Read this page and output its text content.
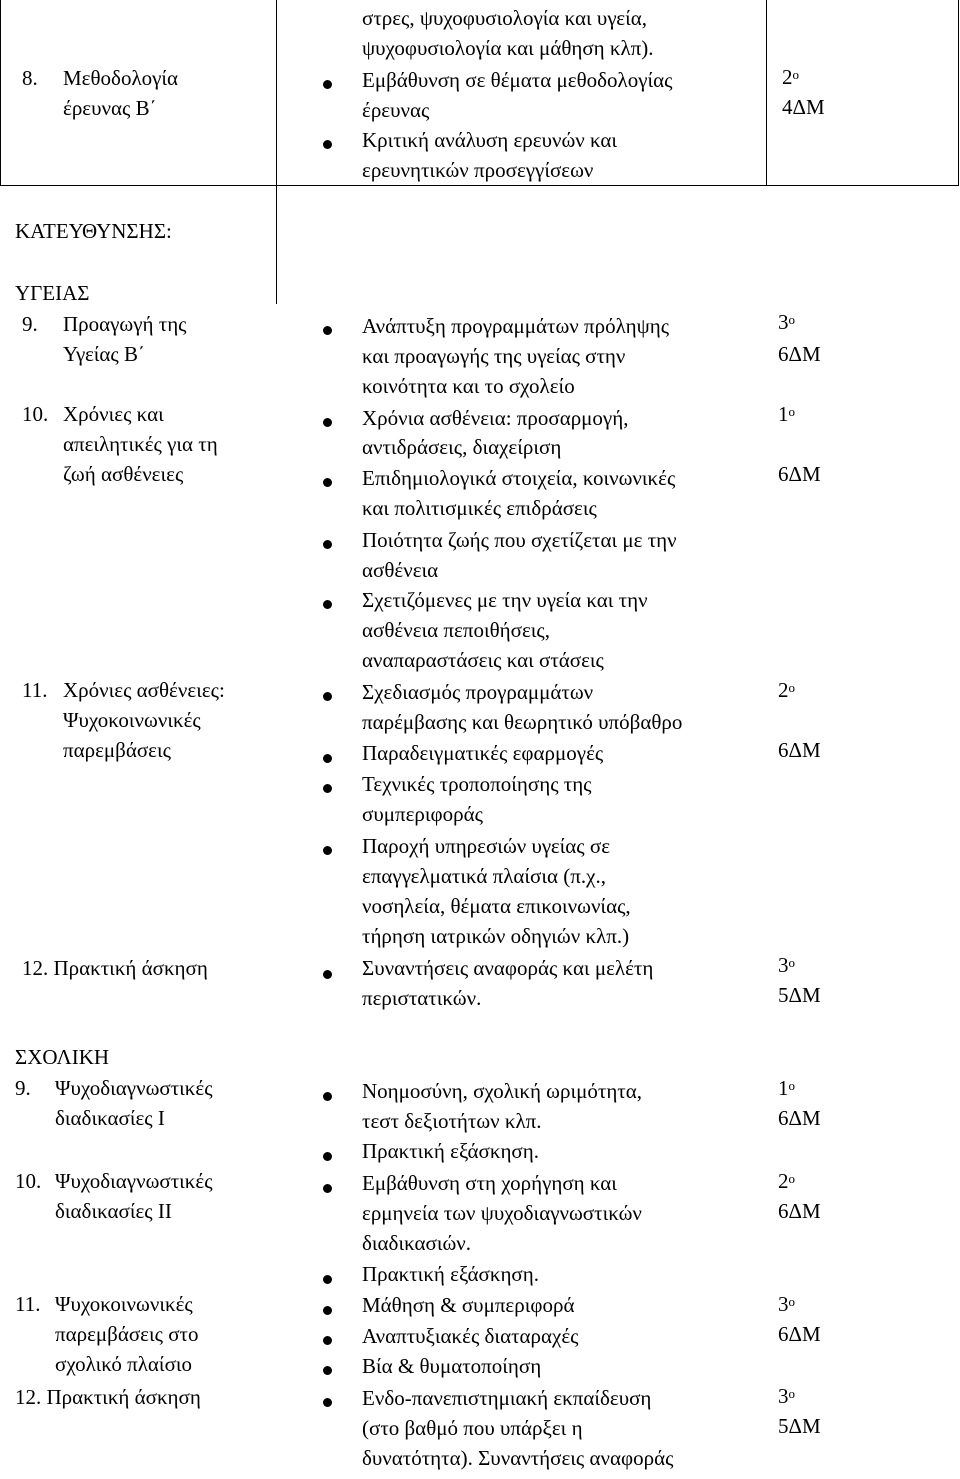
8. Μεθοδολογία
έρευνας Β΄
στρες, ψυχοφυσιολογία και υγεία,
ψυχοφυσιολογία και μάθηση κλπ).
Εμβάθυνση σε θέματα μεθοδολογίας
έρευνας
Κριτική ανάλυση ερευνών και
ερευνητικών προσεγγίσεων
$2^o$
4ΔΜ
ΚΑΤΕΥΘΥΝΣΗΣ:
ΥΓΕΙΑΣ
9. Προαγωγή της
Υγείας Β΄
Ανάπτυξη προγραμμάτων πρόληψης
και προαγωγής της υγείας στην
κοινότητα και το σχολείο
$3^o$
6ΔΜ
10. Χρόνιες και
απειλητικές για τη
ζωή ασθένειες
Χρόνια ασθένεια: προσαρμογή,
αντιδράσεις, διαχείριση
Επιδημιολογικά στοιχεία, κοινωνικές
και πολιτισμικές επιδράσεις
Ποιότητα ζωής που σχετίζεται με την
ασθένεια
Σχετιζόμενες με την υγεία και την
ασθένεια πεποιθήσεις,
αναπαραστάσεις και στάσεις
$1^o$
6ΔΜ
11. Χρόνιες ασθένειες:
Ψυχοκοινωνικές
παρεμβάσεις
Σχεδιασμός προγραμμάτων
παρέμβασης και θεωρητικό υπόβαθρο
Παραδειγματικές εφαρμογές
Τεχνικές τροποποίησης της
συμπεριφοράς
Παροχή υπηρεσιών υγείας σε
επαγγελματικά πλαίσια (π.χ.,
νοσηλεία, θέματα επικοινωνίας,
τήρηση ιατρικών οδηγιών κλπ.)
$2^o$
6ΔΜ
12. Πρακτική άσκηση	Συναντήσεις αναφοράς και μελέτη
περιστατικών.
$3^o$
5ΔΜ
ΣΧΟΛΙΚΗ
9. Ψυχοδιαγνωστικές
διαδικασίες Ι
Νοημοσύνη, σχολική ωριμότητα,
τεστ δεξιοτήτων κλπ.
Πρακτική εξάσκηση.
$1^o$
6ΔΜ
10. Ψυχοδιαγνωστικές
διαδικασίες ΙΙ
Εμβάθυνση στη χορήγηση και
ερμηνεία των ψυχοδιαγνωστικών
διαδικασιών.
Πρακτική εξάσκηση.
$2^o$
6ΔΜ
11. Ψυχοκοινωνικές
παρεμβάσεις στο
σχολικό πλαίσιο
Μάθηση & συμπεριφορά
Αναπτυξιακές διαταραχές
Βία & θυματοποίηση
$3^o$
6ΔΜ
12. Πρακτική άσκηση	Ενδο-πανεπιστημιακή εκπαίδευση
(στο βαθμό που υπάρξει η
δυνατότητα). Συναντήσεις αναφοράς
$3^o$
5ΔΜ
